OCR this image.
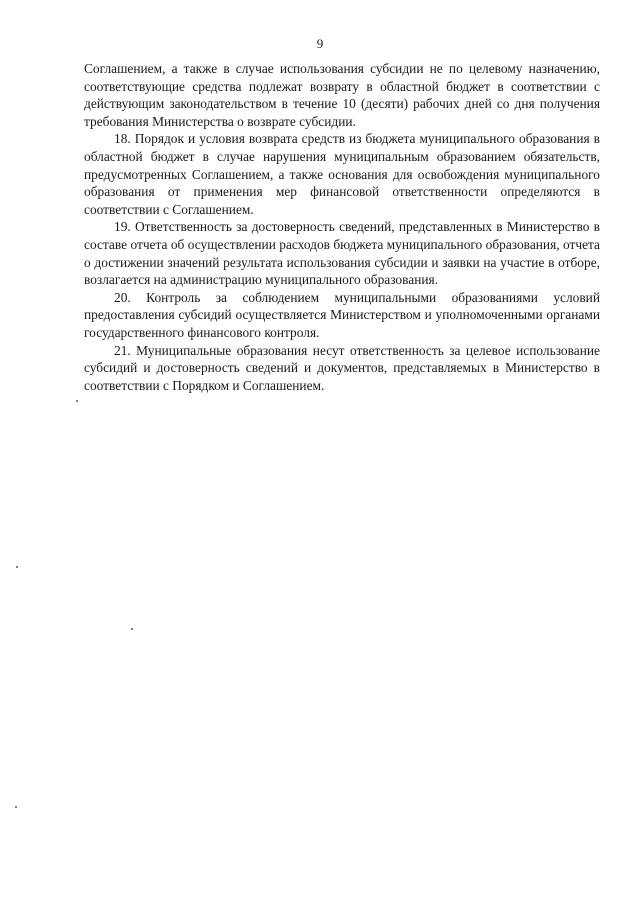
9

Соглашением, а также в случае использования субсидии не по целевому назначению, соответствующие средства подлежат возврату в областной бюджет в соответствии с действующим законодательством в течение 10 (десяти) рабочих дней со дня получения требования Министерства о возврате субсидии.

18. Порядок и условия возврата средств из бюджета муниципального образования в областной бюджет в случае нарушения муниципальным образованием обязательств, предусмотренных Соглашением, а также основания для освобождения муниципального образования от применения мер финансовой ответственности определяются в соответствии с Соглашением.

19. Ответственность за достоверность сведений, представленных в Министерство в составе отчета об осуществлении расходов бюджета муниципального образования, отчета о достижении значений результата использования субсидии и заявки на участие в отборе, возлагается на администрацию муниципального образования.

20. Контроль за соблюдением муниципальными образованиями условий предоставления субсидий осуществляется Министерством и уполномоченными органами государственного финансового контроля.

21. Муниципальные образования несут ответственность за целевое использование субсидий и достоверность сведений и документов, представляемых в Министерство в соответствии с Порядком и Соглашением.
